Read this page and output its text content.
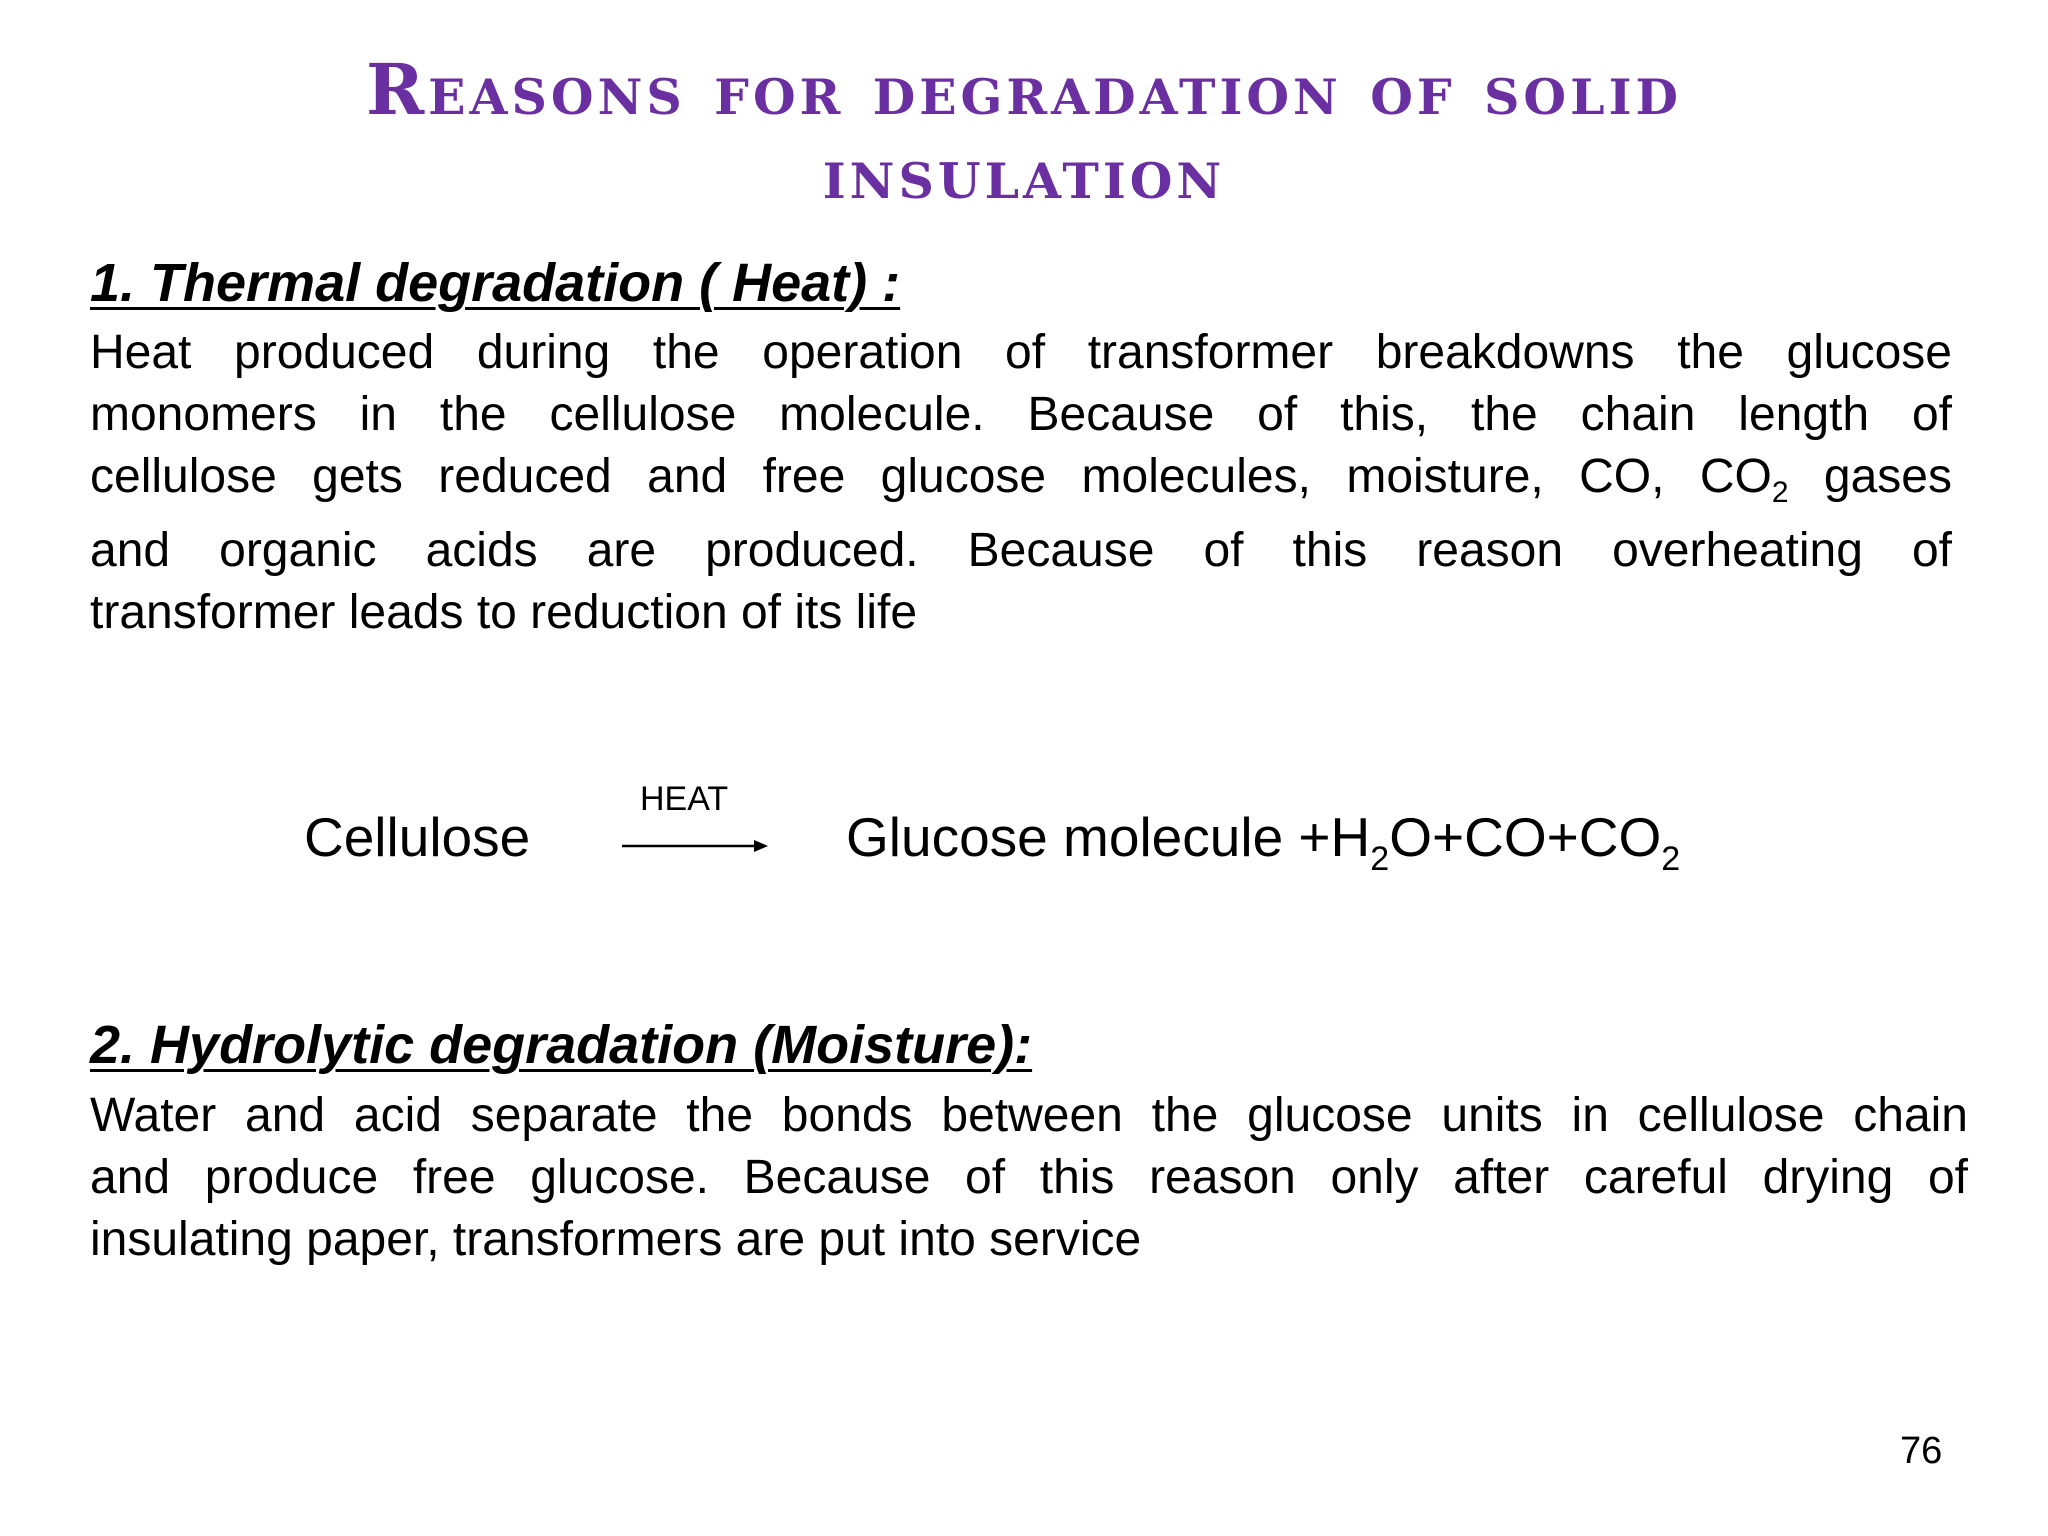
Reasons for degradation of solid
insulation
1. Thermal degradation ( Heat) :
Heat produced during the operation of transformer breakdowns the glucose
monomers in the cellulose molecule. Because of this, the chain length of
cellulose gets reduced and free glucose molecules, moisture, CO, $CO_2$ gases
and organic acids are produced. Because of this reason overheating of
transformer leads to reduction of its life
Cellulose
HEAT
Glucose molecule $+H_2O+CO+CO_2$
2. Hydrolytic degradation (Moisture):
Water and acid separate the bonds between the glucose units in cellulose chain
and produce free glucose. Because of this reason only after careful drying of
insulating paper, transformers are put into service
76
